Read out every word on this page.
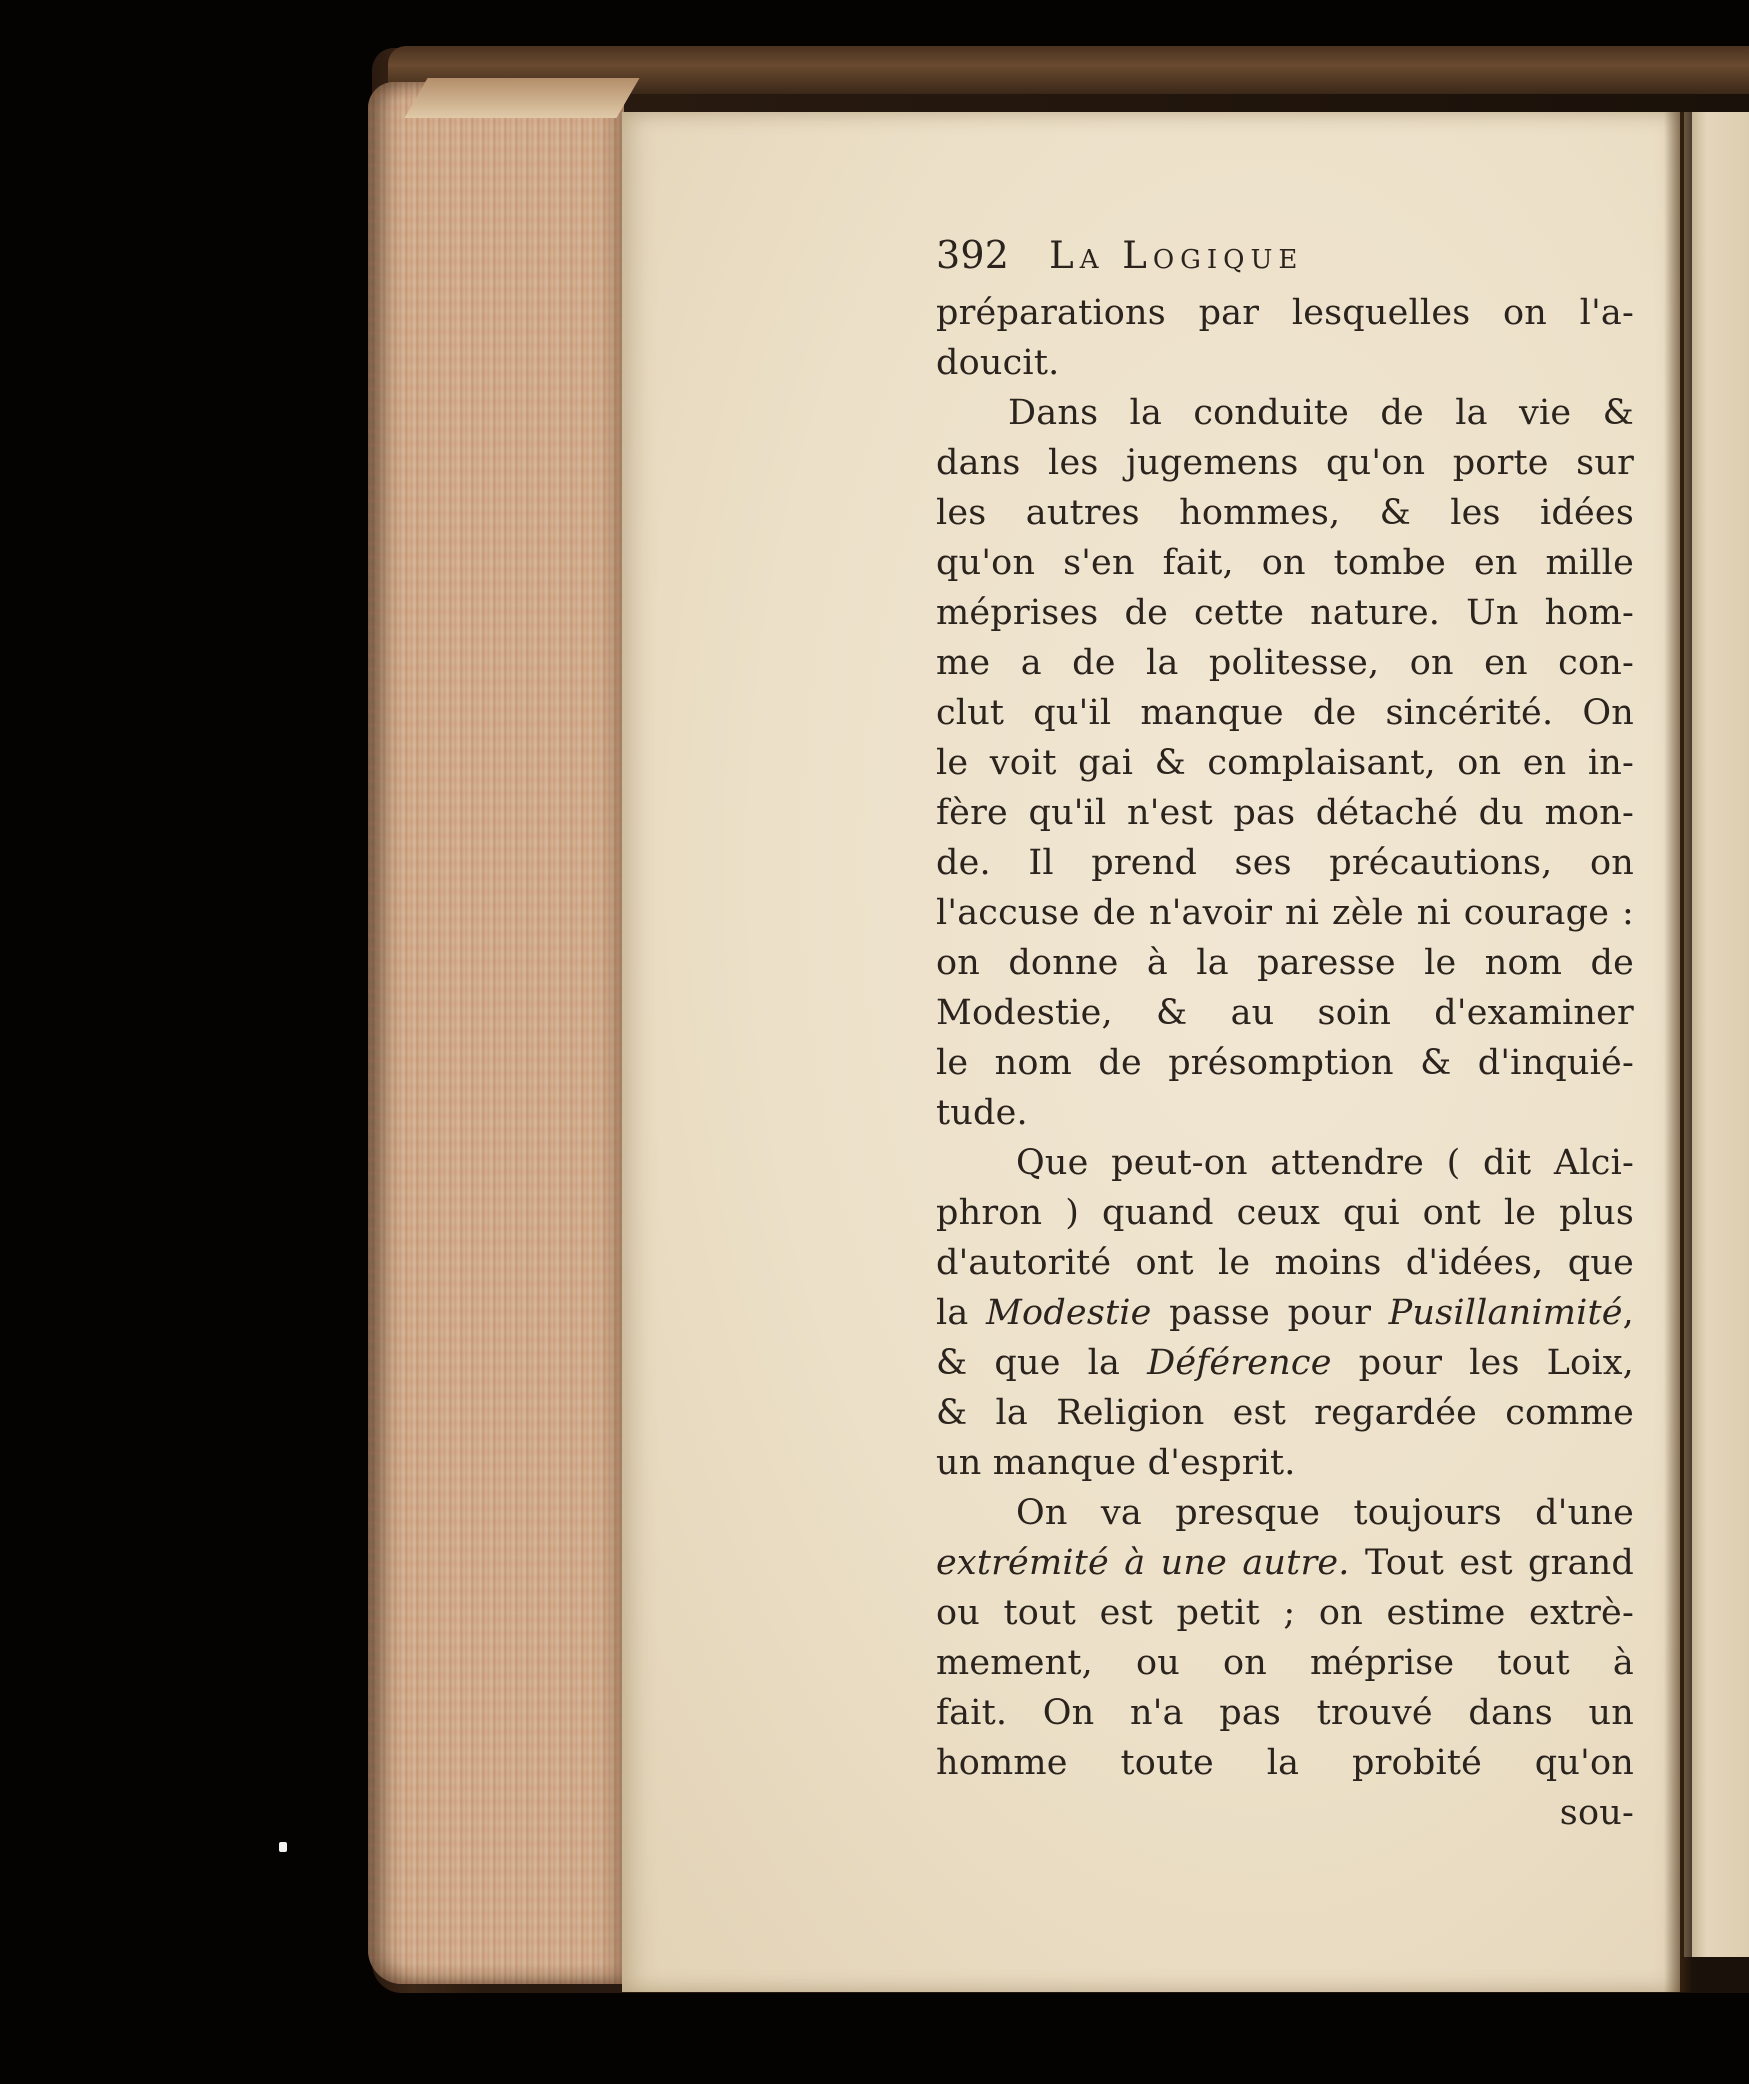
392 La Logique
préparations par lesquelles on l'a-
doucit.
Dans la conduite de la vie &
dans les jugemens qu'on porte sur
les autres hommes, & les idées
qu'on s'en fait, on tombe en mille
méprises de cette nature. Un hom-
me a de la politesse, on en con-
clut qu'il manque de sincérité. On
le voit gai & complaisant, on en in-
fère qu'il n'est pas détaché du mon-
de. Il prend ses précautions, on
l'accuse de n'avoir ni zèle ni courage :
on donne à la paresse le nom de
Modestie, & au soin d'examiner
le nom de présomption & d'inquié-
tude.
Que peut-on attendre ( dit Alci-
phron ) quand ceux qui ont le plus
d'autorité ont le moins d'idées, que
la Modestie passe pour Pusillanimité,
& que la Déférence pour les Loix,
& la Religion est regardée comme
un manque d'esprit.
On va presque toujours d'une
extrémité à une autre. Tout est grand
ou tout est petit ; on estime extrè-
mement, ou on méprise tout à
fait. On n'a pas trouvé dans un
homme toute la probité qu'on
sou-
